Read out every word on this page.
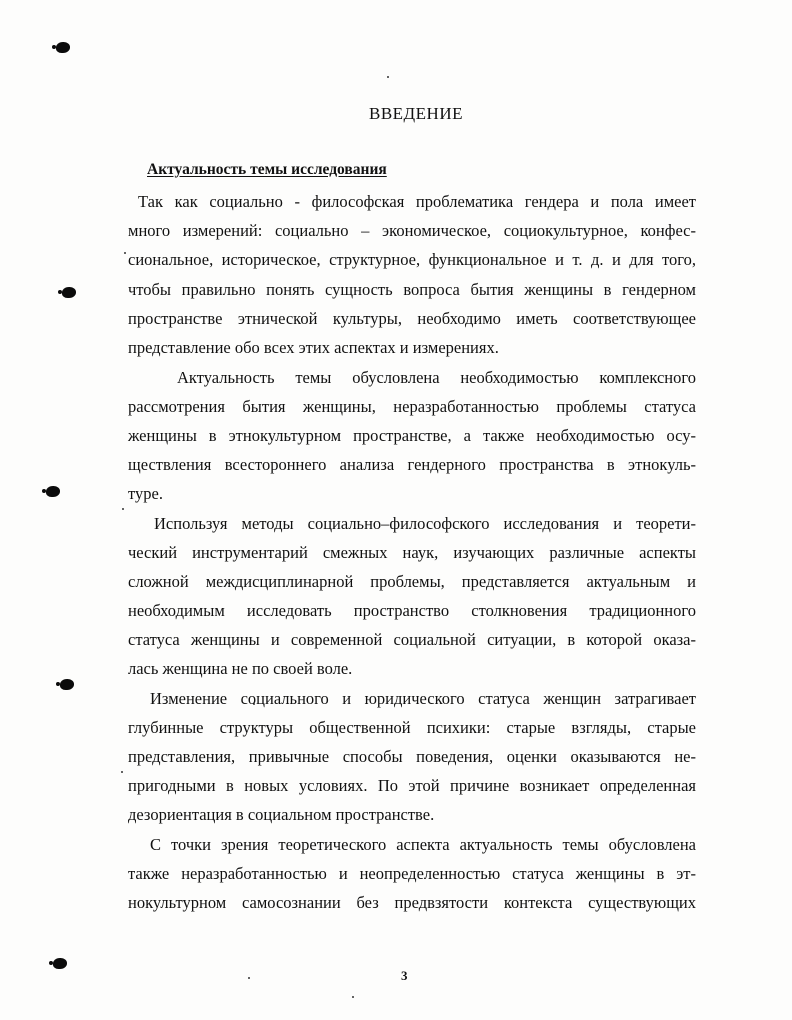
ВВЕДЕНИЕ
Актуальность темы исследования
Так как социально - философская проблематика гендера и пола имеет
много измерений: социально – экономическое, социокультурное, конфес-
сиональное, историческое, структурное, функциональное и т. д. и для того,
чтобы правильно понять сущность вопроса бытия женщины в гендерном
пространстве этнической культуры, необходимо иметь соответствующее
представление обо всех этих аспектах и измерениях.
Актуальность темы обусловлена необходимостью комплексного
рассмотрения бытия женщины, неразработанностью проблемы статуса
женщины в этнокультурном пространстве, а также необходимостью осу-
ществления всестороннего анализа гендерного пространства в этнокуль-
туре.
Используя методы социально–философского исследования и теорети-
ческий инструментарий смежных наук, изучающих различные аспекты
сложной междисциплинарной проблемы, представляется актуальным и
необходимым исследовать пространство столкновения традиционного
статуса женщины и современной социальной ситуации, в которой оказа-
лась женщина не по своей воле.
Изменение социального и юридического статуса женщин затрагивает
глубинные структуры общественной психики: старые взгляды, старые
представления, привычные способы поведения, оценки оказываются не-
пригодными в новых условиях. По этой причине возникает определенная
дезориентация в социальном пространстве.
С точки зрения теоретического аспекта актуальность темы обусловлена
также неразработанностью и неопределенностью статуса женщины в эт-
нокультурном самосознании без предвзятости контекста существующих
3
